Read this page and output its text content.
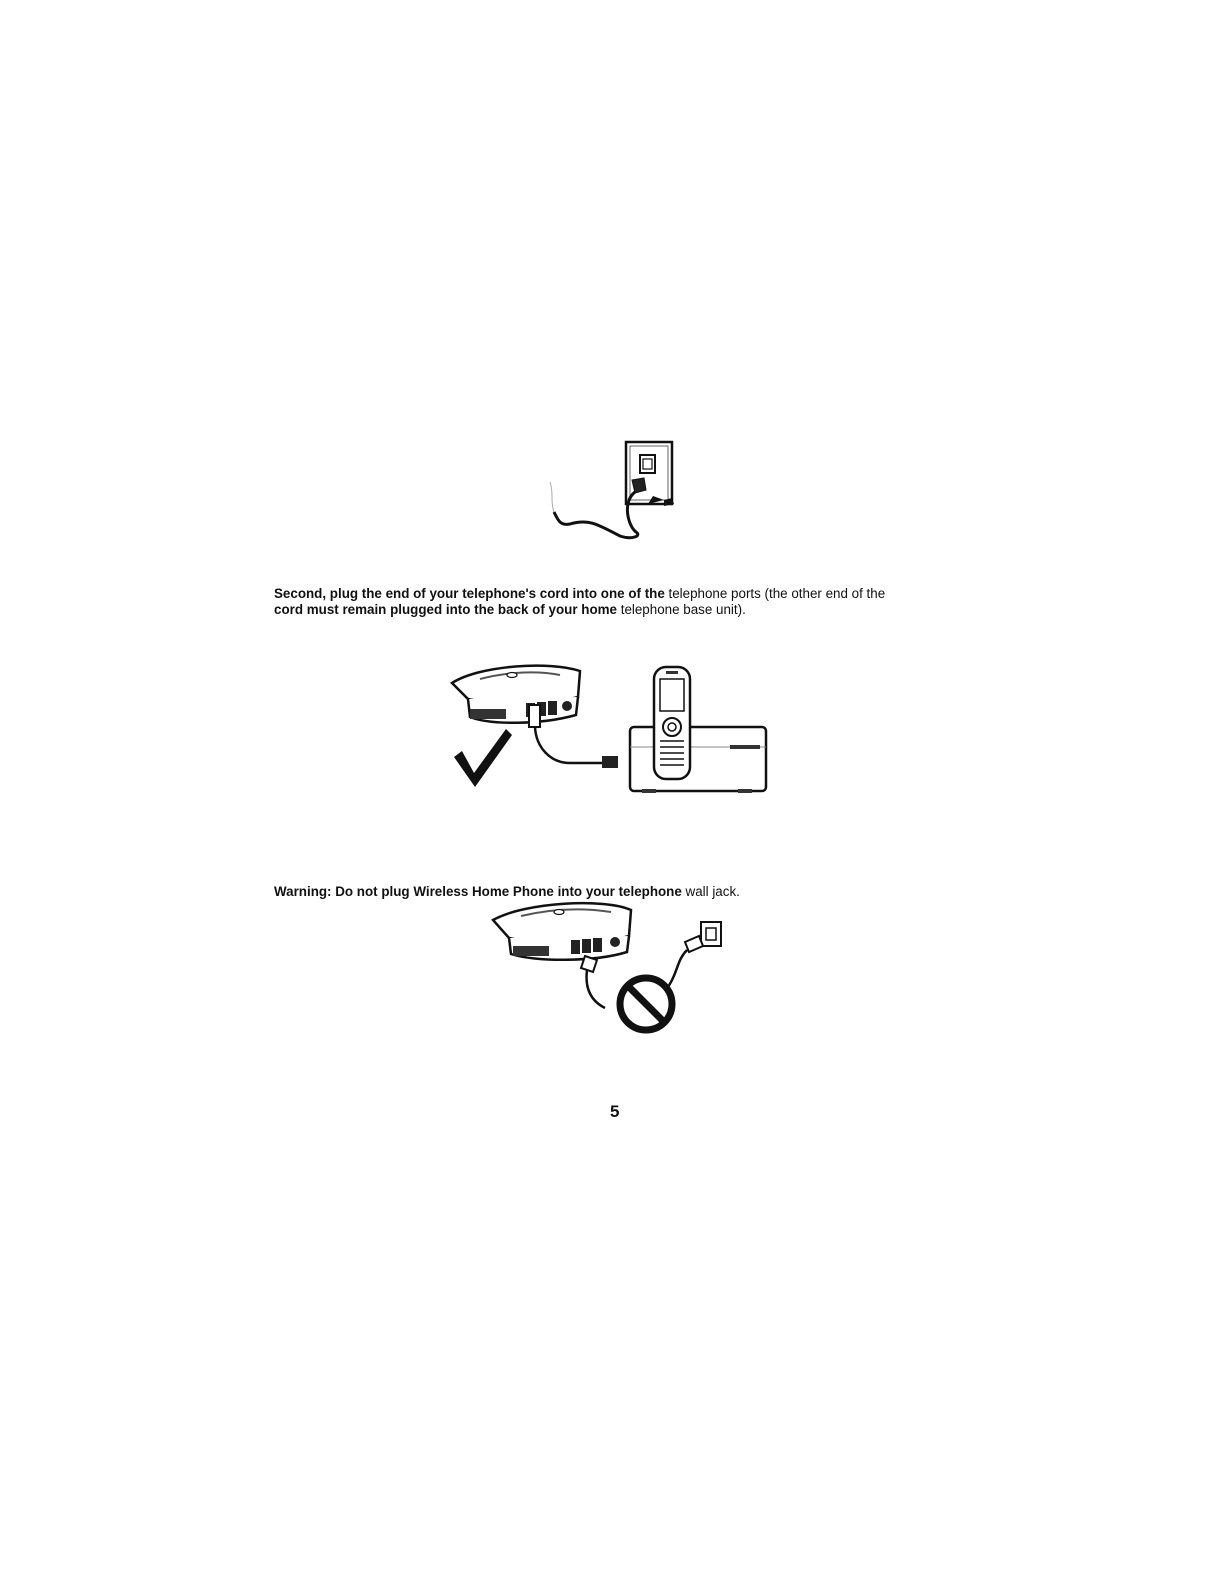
Second, plug the end of your telephone's cord into one of the telephone ports (the other end of the
cord must remain plugged into the back of your home telephone base unit).

Warning: Do not plug Wireless Home Phone into your telephone wall jack.

5
